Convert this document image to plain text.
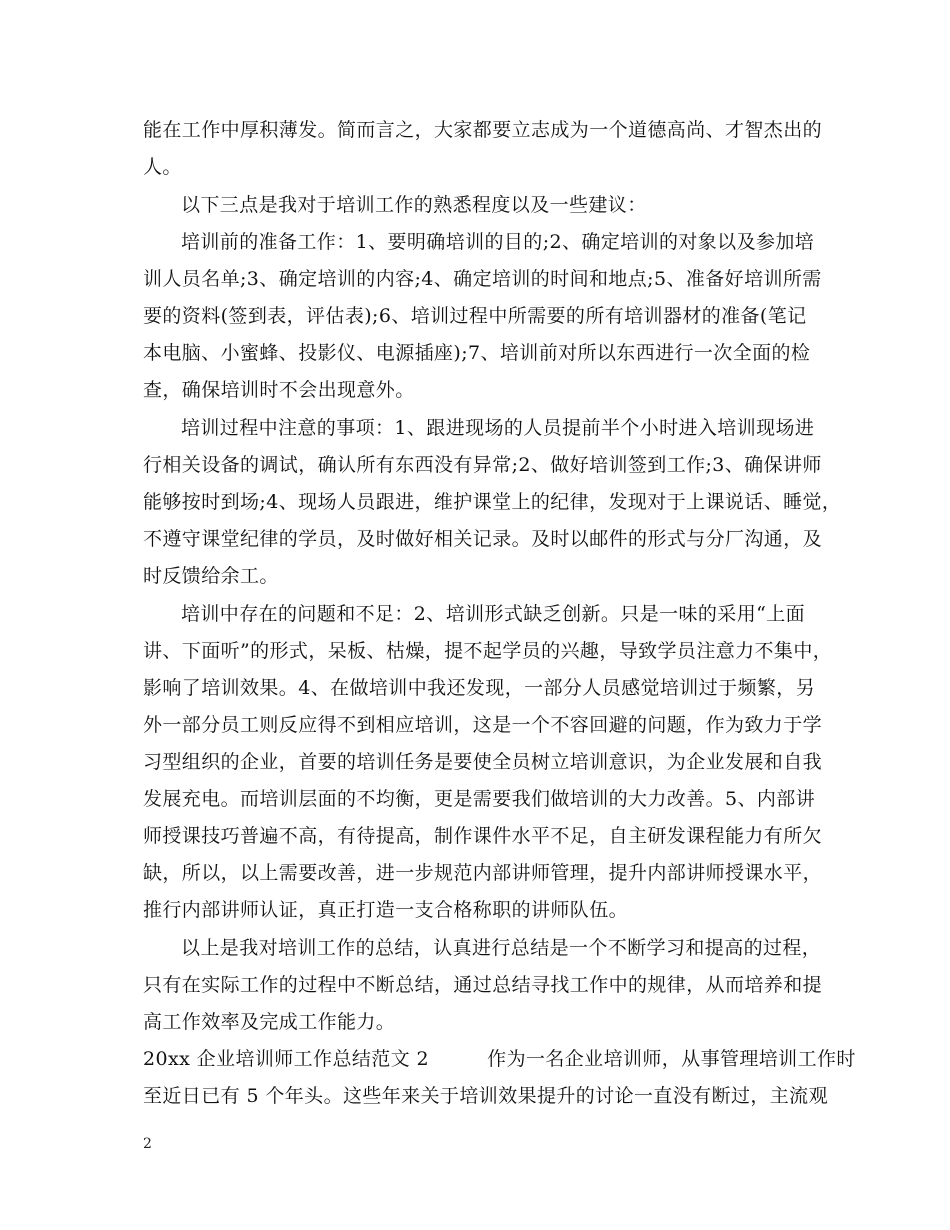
能在工作中厚积薄发。简而言之，大家都要立志成为一个道德高尚、才智杰出的
人。
以下三点是我对于培训工作的熟悉程度以及一些建议：
培训前的准备工作：1、要明确培训的目的;2、确定培训的对象以及参加培
训人员名单;3、确定培训的内容;4、确定培训的时间和地点;5、准备好培训所需
要的资料(签到表，评估表);6、培训过程中所需要的所有培训器材的准备(笔记
本电脑、小蜜蜂、投影仪、电源插座);7、培训前对所以东西进行一次全面的检
查，确保培训时不会出现意外。
培训过程中注意的事项：1、跟进现场的人员提前半个小时进入培训现场进
行相关设备的调试，确认所有东西没有异常;2、做好培训签到工作;3、确保讲师
能够按时到场;4、现场人员跟进，维护课堂上的纪律，发现对于上课说话、睡觉，
不遵守课堂纪律的学员，及时做好相关记录。及时以邮件的形式与分厂沟通，及
时反馈给余工。
培训中存在的问题和不足：2、培训形式缺乏创新。只是一味的采用“上面
讲、下面听”的形式，呆板、枯燥，提不起学员的兴趣，导致学员注意力不集中，
影响了培训效果。4、在做培训中我还发现，一部分人员感觉培训过于频繁，另
外一部分员工则反应得不到相应培训，这是一个不容回避的问题，作为致力于学
习型组织的企业，首要的培训任务是要使全员树立培训意识，为企业发展和自我
发展充电。而培训层面的不均衡，更是需要我们做培训的大力改善。5、内部讲
师授课技巧普遍不高，有待提高，制作课件水平不足，自主研发课程能力有所欠
缺，所以，以上需要改善，进一步规范内部讲师管理，提升内部讲师授课水平，
推行内部讲师认证，真正打造一支合格称职的讲师队伍。
以上是我对培训工作的总结，认真进行总结是一个不断学习和提高的过程，
只有在实际工作的过程中不断总结，通过总结寻找工作中的规律，从而培养和提
高工作效率及完成工作能力。
20xx 企业培训师工作总结范文 2　　　作为一名企业培训师，从事管理培训工作时
至近日已有 5 个年头。这些年来关于培训效果提升的讨论一直没有断过，主流观
2
